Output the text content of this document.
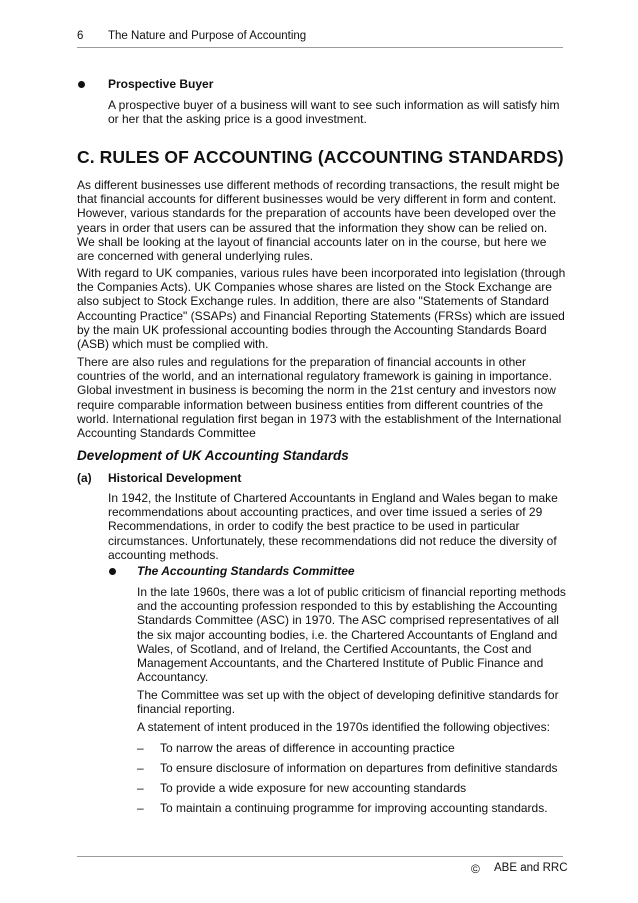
6 The Nature and Purpose of Accounting
Prospective Buyer

A prospective buyer of a business will want to see such information as will satisfy him or her that the asking price is a good investment.

C. RULES OF ACCOUNTING (ACCOUNTING STANDARDS)

As different businesses use different methods of recording transactions, the result might be that financial accounts for different businesses would be very different in form and content. However, various standards for the preparation of accounts have been developed over the years in order that users can be assured that the information they show can be relied on. We shall be looking at the layout of financial accounts later on in the course, but here we are concerned with general underlying rules.

With regard to UK companies, various rules have been incorporated into legislation (through the Companies Acts). UK Companies whose shares are listed on the Stock Exchange are also subject to Stock Exchange rules. In addition, there are also "Statements of Standard Accounting Practice" (SSAPs) and Financial Reporting Statements (FRSs) which are issued by the main UK professional accounting bodies through the Accounting Standards Board (ASB) which must be complied with.

There are also rules and regulations for the preparation of financial accounts in other countries of the world, and an international regulatory framework is gaining in importance. Global investment in business is becoming the norm in the 21st century and investors now require comparable information between business entities from different countries of the world. International regulation first began in 1973 with the establishment of the International Accounting Standards Committee

Development of UK Accounting Standards
(a) Historical Development

In 1942, the Institute of Chartered Accountants in England and Wales began to make recommendations about accounting practices, and over time issued a series of 29 Recommendations, in order to codify the best practice to be used in particular circumstances. Unfortunately, these recommendations did not reduce the diversity of accounting methods.

The Accounting Standards Committee

In the late 1960s, there was a lot of public criticism of financial reporting methods and the accounting profession responded to this by establishing the Accounting Standards Committee (ASC) in 1970. The ASC comprised representatives of all the six major accounting bodies, i.e. the Chartered Accountants of England and Wales, of Scotland, and of Ireland, the Certified Accountants, the Cost and Management Accountants, and the Chartered Institute of Public Finance and Accountancy.

The Committee was set up with the object of developing definitive standards for financial reporting.

A statement of intent produced in the 1970s identified the following objectives:

– To narrow the areas of difference in accounting practice
– To ensure disclosure of information on departures from definitive standards
– To provide a wide exposure for new accounting standards
– To maintain a continuing programme for improving accounting standards.
© ABE and RRC
